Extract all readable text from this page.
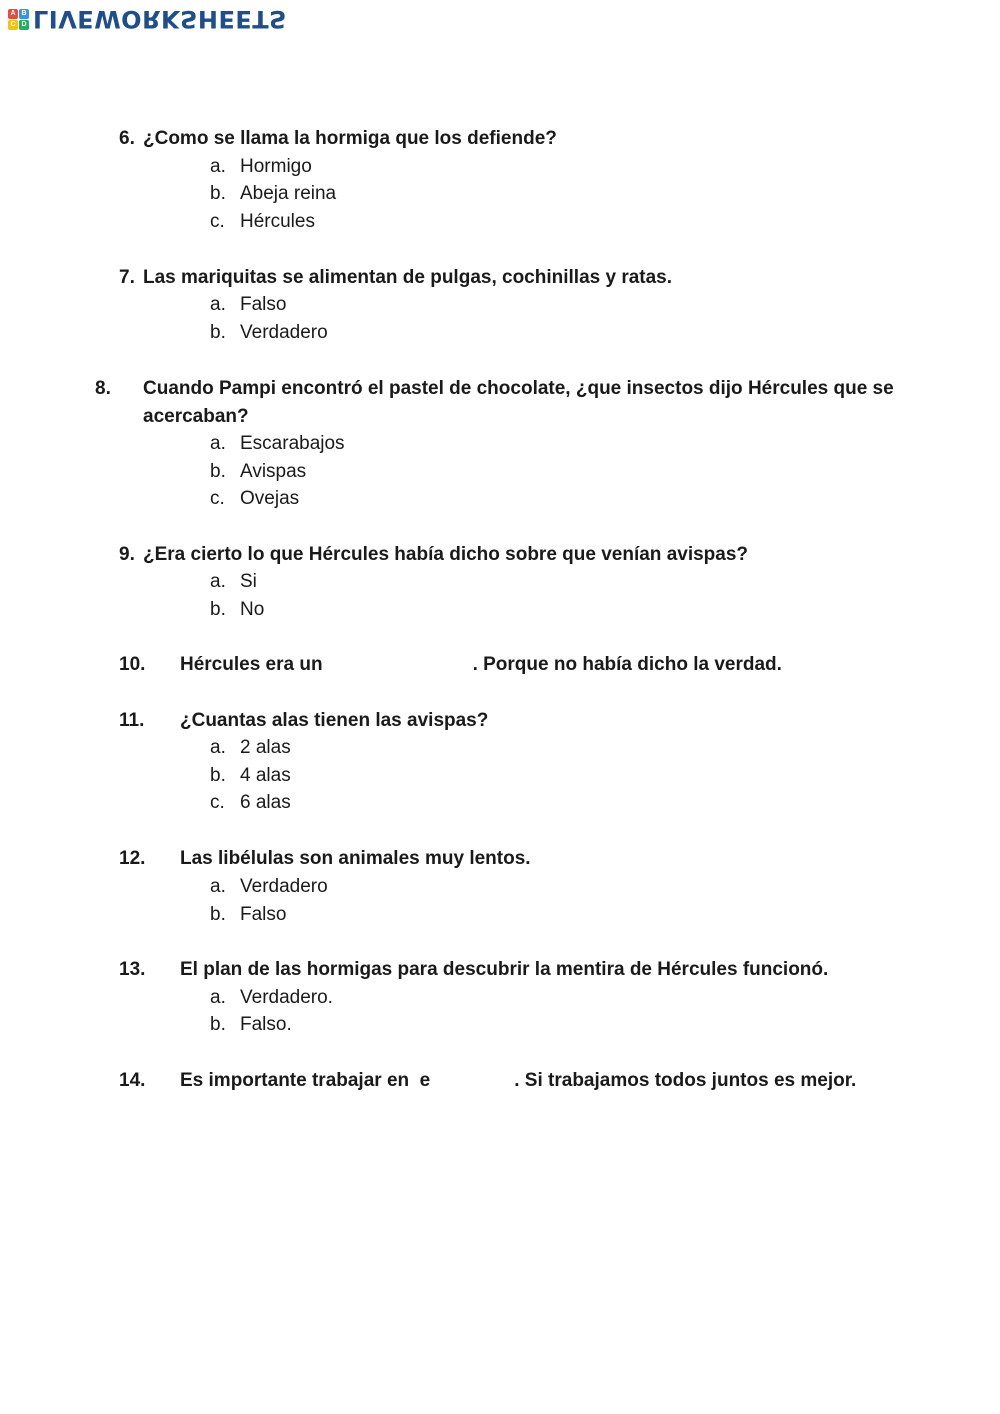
A B
C D LIVEWORKSHEETS
6. ¿Como se llama la hormiga que los defiende?
a. Hormigo
b. Abeja reina
c. Hércules
7. Las mariquitas se alimentan de pulgas, cochinillas y ratas.
a. Falso
b. Verdadero
8. Cuando Pampi encontró el pastel de chocolate, ¿que insectos dijo Hércules que se acercaban?
a. Escarabajos
b. Avispas
c. Ovejas
9. ¿Era cierto lo que Hércules había dicho sobre que venían avispas?
a. Si
b. No
10. Hércules era un	. Porque no había dicho la verdad.
11. ¿Cuantas alas tienen las avispas?
a. 2 alas
b. 4 alas
c. 6 alas
12. Las libélulas son animales muy lentos.
a. Verdadero
b. Falso
13. El plan de las hormigas para descubrir la mentira de Hércules funcionó.
a. Verdadero.
b. Falso.
14. Es importante trabajar en  e	. Si trabajamos todos juntos es mejor.
